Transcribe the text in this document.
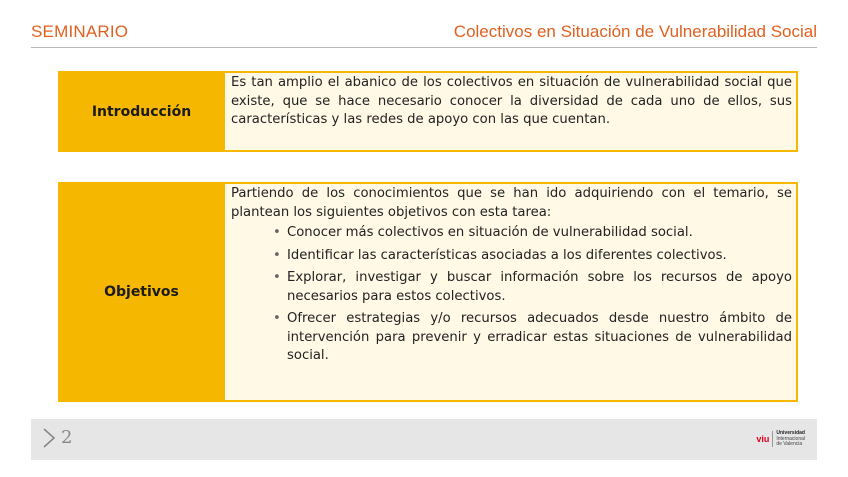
SEMINARIO	Colectivos en Situación de Vulnerabilidad Social
Introducción
Es tan amplio el abanico de los colectivos en situación de vulnerabilidad social que existe, que se hace necesario conocer la diversidad de cada uno de ellos, sus características y las redes de apoyo con las que cuentan.
Objetivos
Partiendo de los conocimientos que se han ido adquiriendo con el temario, se plantean los siguientes objetivos con esta tarea:
• Conocer más colectivos en situación de vulnerabilidad social.
• Identificar las características asociadas a los diferentes colectivos.
• Explorar, investigar y buscar información sobre los recursos de apoyo necesarios para estos colectivos.
• Ofrecer estrategias y/o recursos adecuados desde nuestro ámbito de intervención para prevenir y erradicar estas situaciones de vulnerabilidad social.
2	viu
Universidad
Internacional
de Valencia
